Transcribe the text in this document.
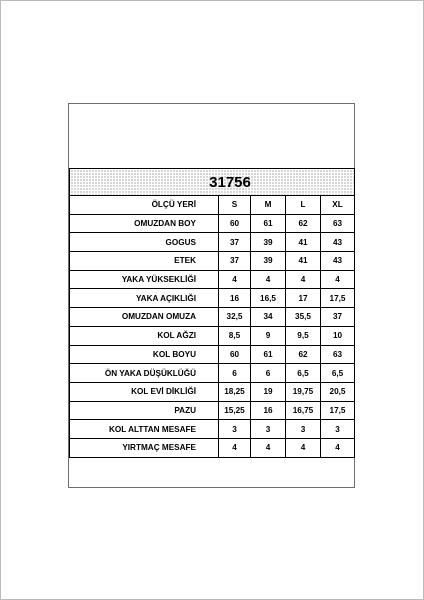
31756				
ÖLÇÜ YERİ	S	M	L	XL
OMUZDAN BOY	60	61	62	63
GOGUS	37	39	41	43
ETEK	37	39	41	43
YAKA YÜKSEKLİĞİ	4	4	4	4
YAKA AÇIKLIĞI	16	16,5	17	17,5
OMUZDAN OMUZA	32,5	34	35,5	37
KOL AĞZI	8,5	9	9,5	10
KOL BOYU	60	61	62	63
ÖN YAKA DÜŞÜKLÜĞÜ	6	6	6,5	6,5
KOL EVİ DİKLİĞİ	18,25	19	19,75	20,5
PAZU	15,25	16	16,75	17,5
KOL ALTTAN MESAFE	3	3	3	3
YIRTMAÇ MESAFE	4	4	4	4
